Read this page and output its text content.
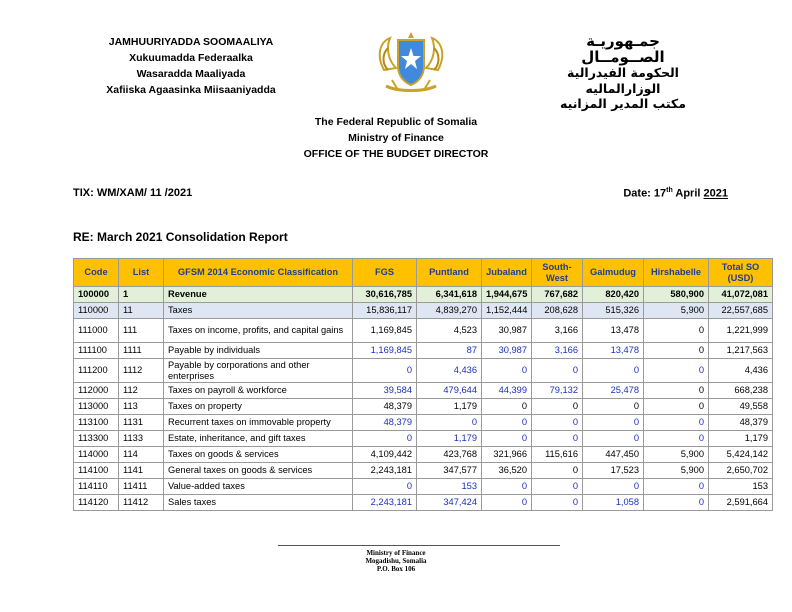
JAMHUURIYADDA SOOMAALIYA
Xukuumadda Federaalka
Wasaradda Maaliyada
Xafiiska Agaasinka Miisaaniyadda
جمـهوريـة الصــومــال
الحكومة الفيدرالية
الوزارالماليه
مكتب المدير المزانيه
The Federal Republic of Somalia
Ministry of Finance
OFFICE OF THE BUDGET DIRECTOR
TIX: WM/XAM/ 11 /2021	Date: 17th April 2021
RE: March 2021 Consolidation Report
Code	List	GFSM 2014 Economic Classification	FGS	Puntland	Jubaland	South-West	Galmudug	Hirshabelle	Total SO (USD)
100000	1	Revenue	30,616,785	6,341,618	1,944,675	767,682	820,420	580,900	41,072,081
110000	11	Taxes	15,836,117	4,839,270	1,152,444	208,628	515,326	5,900	22,557,685
111000	111	Taxes on income, profits, and capital gains	1,169,845	4,523	30,987	3,166	13,478	0	1,221,999
111100	1111	Payable by individuals	1,169,845	87	30,987	3,166	13,478	0	1,217,563
111200	1112	Payable by corporations and other enterprises	0	4,436	0	0	0	0	4,436
112000	112	Taxes on payroll & workforce	39,584	479,644	44,399	79,132	25,478	0	668,238
113000	113	Taxes on property	48,379	1,179	0	0	0	0	49,558
113100	1131	Recurrent taxes on immovable property	48,379	0	0	0	0	0	48,379
113300	1133	Estate, inheritance, and gift taxes	0	1,179	0	0	0	0	1,179
114000	114	Taxes on goods & services	4,109,442	423,768	321,966	115,616	447,450	5,900	5,424,142
114100	1141	General taxes on goods & services	2,243,181	347,577	36,520	0	17,523	5,900	2,650,702
114110	11411	Value-added taxes	0	153	0	0	0	0	153
114120	11412	Sales taxes	2,243,181	347,424	0	0	1,058	0	2,591,664
Ministry of Finance
Mogadishu, Somalia
P.O. Box 106
